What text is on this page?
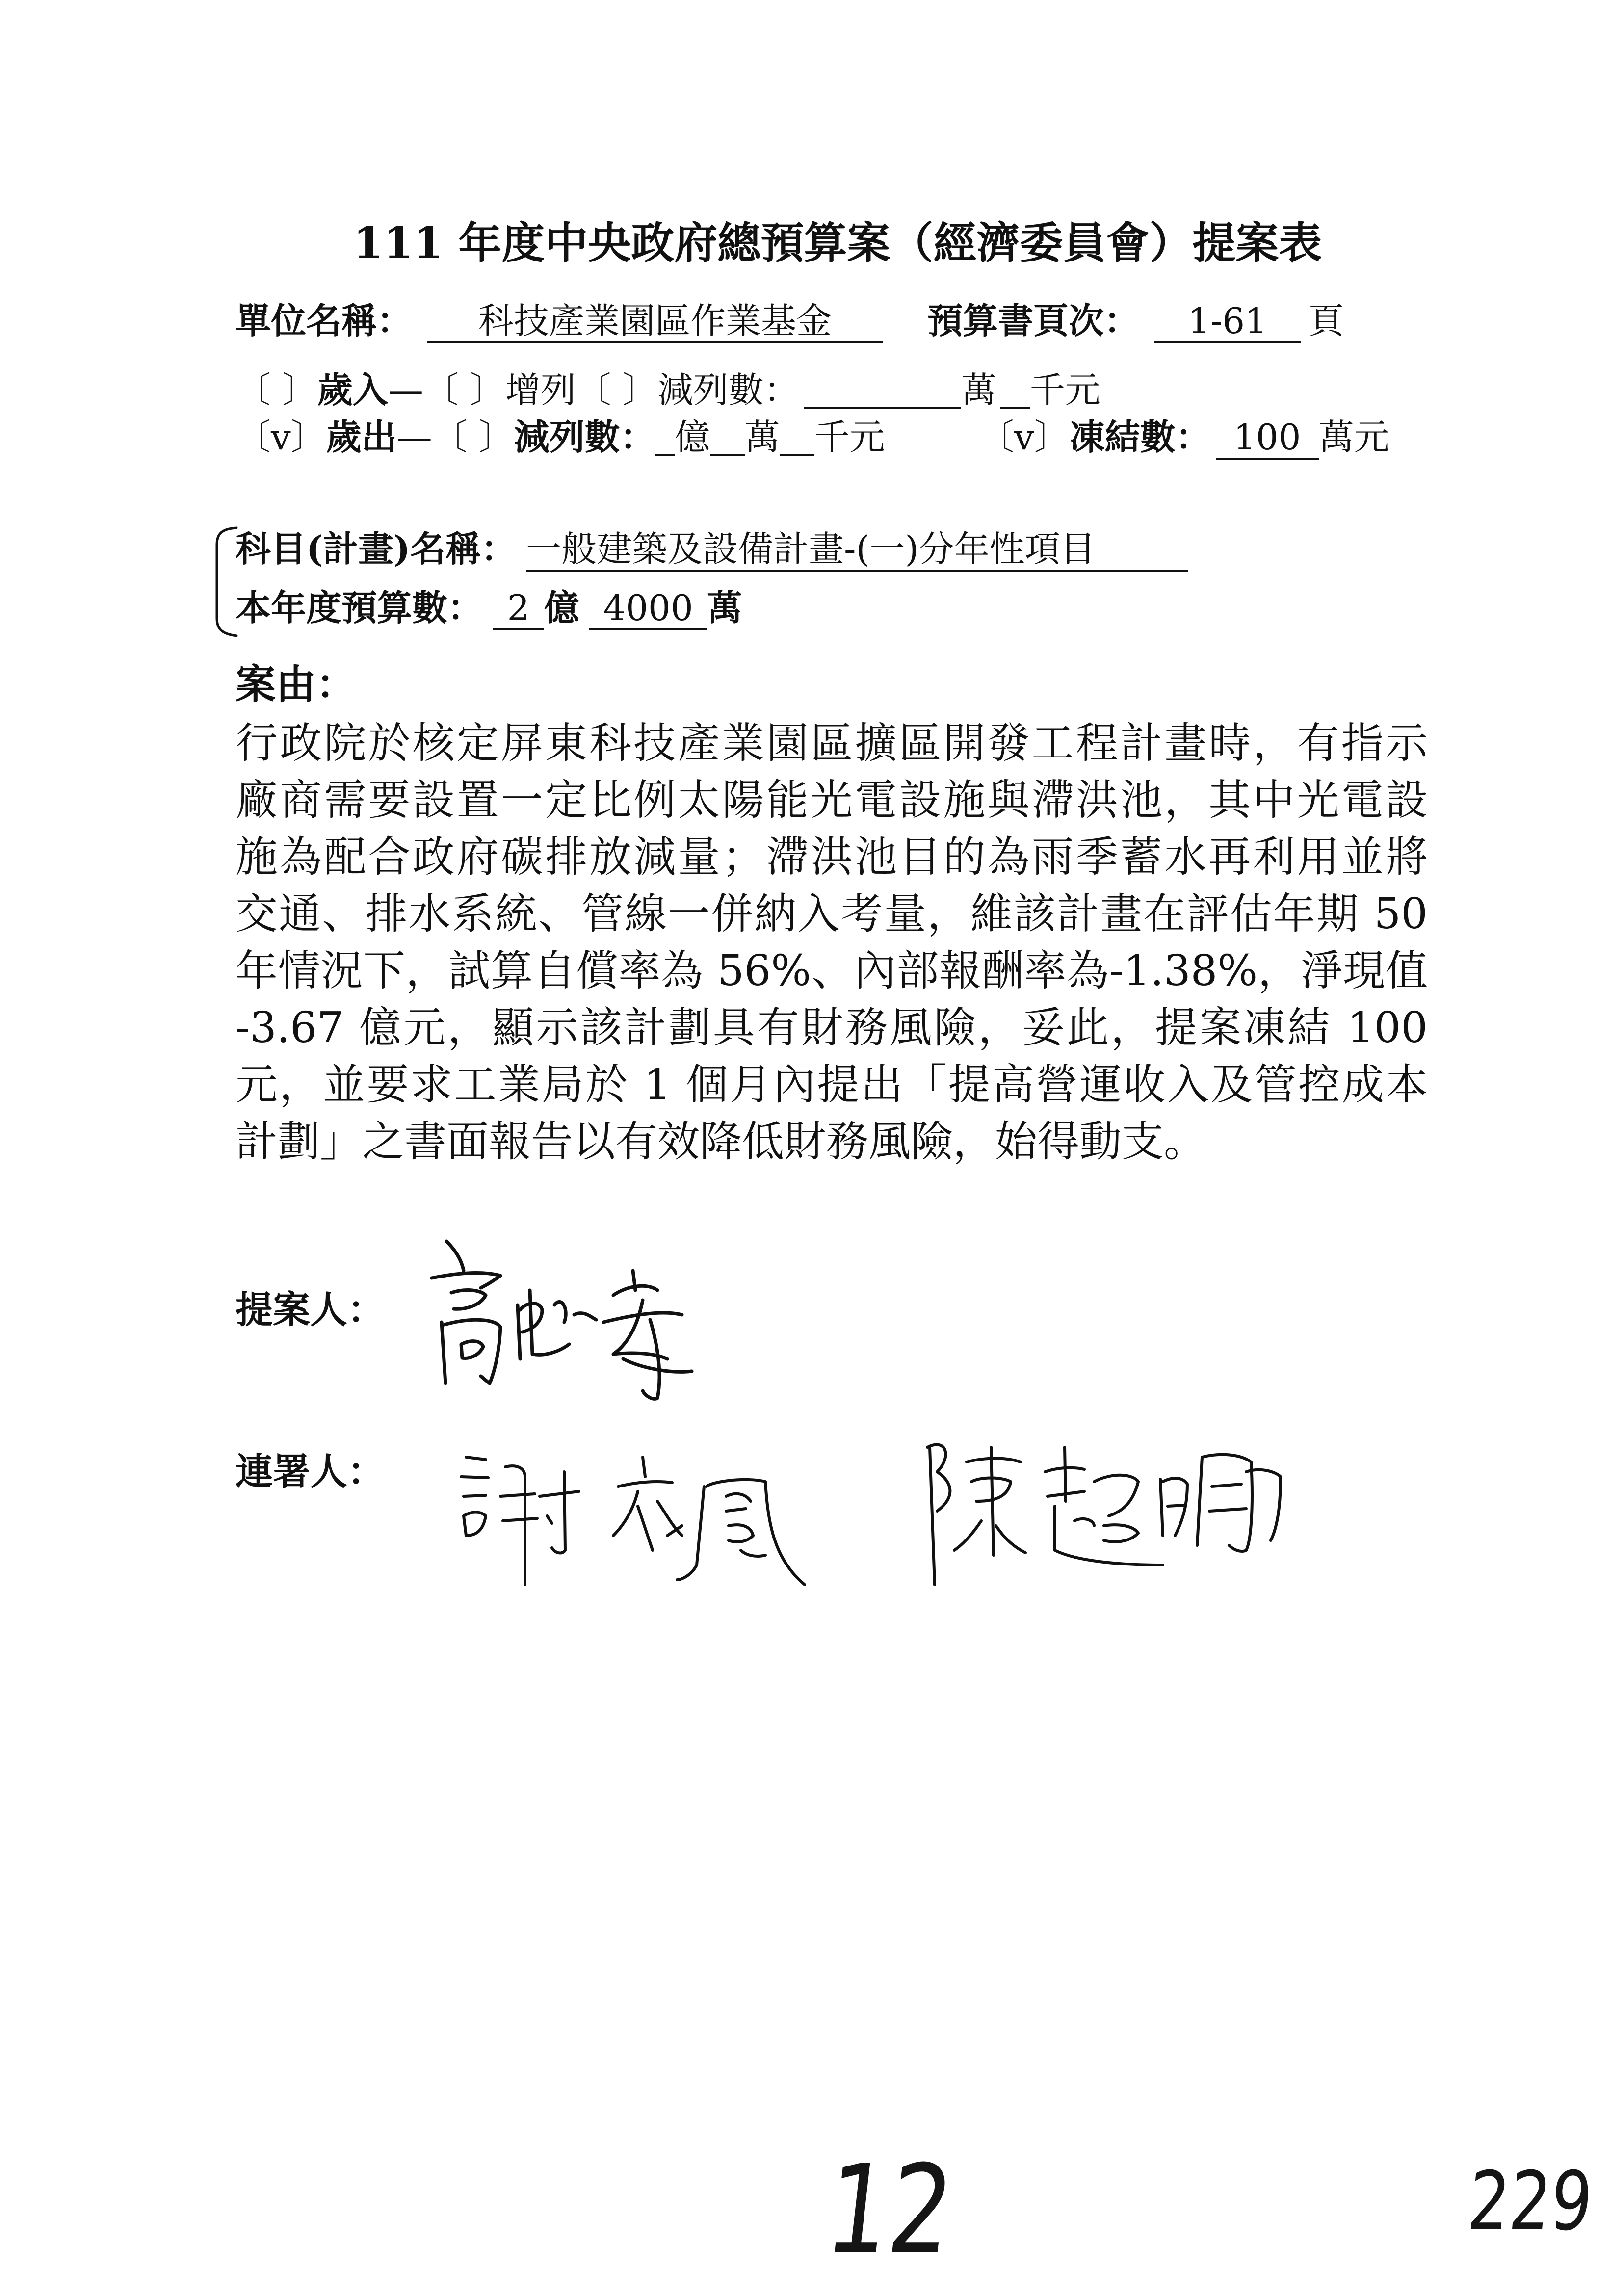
111 年度中央政府總預算案（經濟委員會）提案表
單位名稱： 科技產業園區作業基金	預算書頁次： 1-61 頁
〔 〕歲入—〔 〕增列〔 〕減列數：	萬 千元
〔v〕歲出—〔 〕減列數： 億 萬 千元	〔v〕凍結數： 100 萬元
科目(計畫)名稱： 一般建築及設備計畫-(一)分年性項目
本年度預算數： 2 億 4000 萬
案由：
行政院於核定屏東科技產業園區擴區開發工程計畫時，有指示
廠商需要設置一定比例太陽能光電設施與滯洪池，其中光電設
施為配合政府碳排放減量；滯洪池目的為雨季蓄水再利用並將
交通、排水系統、管線一併納入考量，維該計畫在評估年期 50
年情況下，試算自償率為 56%、內部報酬率為-1.38%，淨現值
-3.67 億元，顯示該計劃具有財務風險，妥此，提案凍結 100
元，並要求工業局於 1 個月內提出「提高營運收入及管控成本
計劃」之書面報告以有效降低財務風險，始得動支。
提案人：
連署人：
12	229
